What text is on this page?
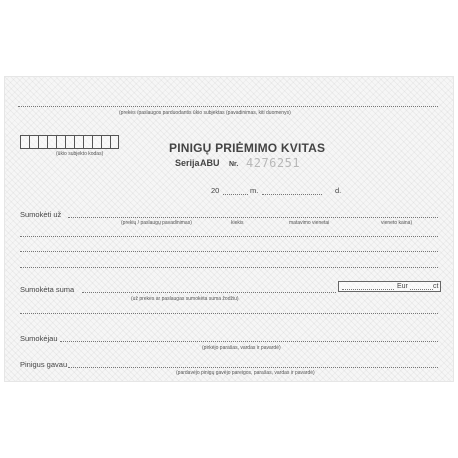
(prekės /paslaugos parduodantis ūkio subjektas (pavadinimas, kiti duomenys)
(ūkio subjekto kodas)	PINIGŲ PRIĖMIMO KVITAS
Serija ABU Nr. 4276251
20	m.	d.
Sumokėti už
(prekių / paslaugų pavadinimas)	kiekis	matavimo vienetai	vieneto kaina)
Sumokėta suma
(už prekes ar paslaugas sumokėta suma žodžiu)
Eur	ct
Sumokėjau
(pirkėjo parašas, vardas ir pavardė)
Pinigus gavau
(pardavėjo pinigų gavėjo pareigos, parašas, vardas ir pavardė)
